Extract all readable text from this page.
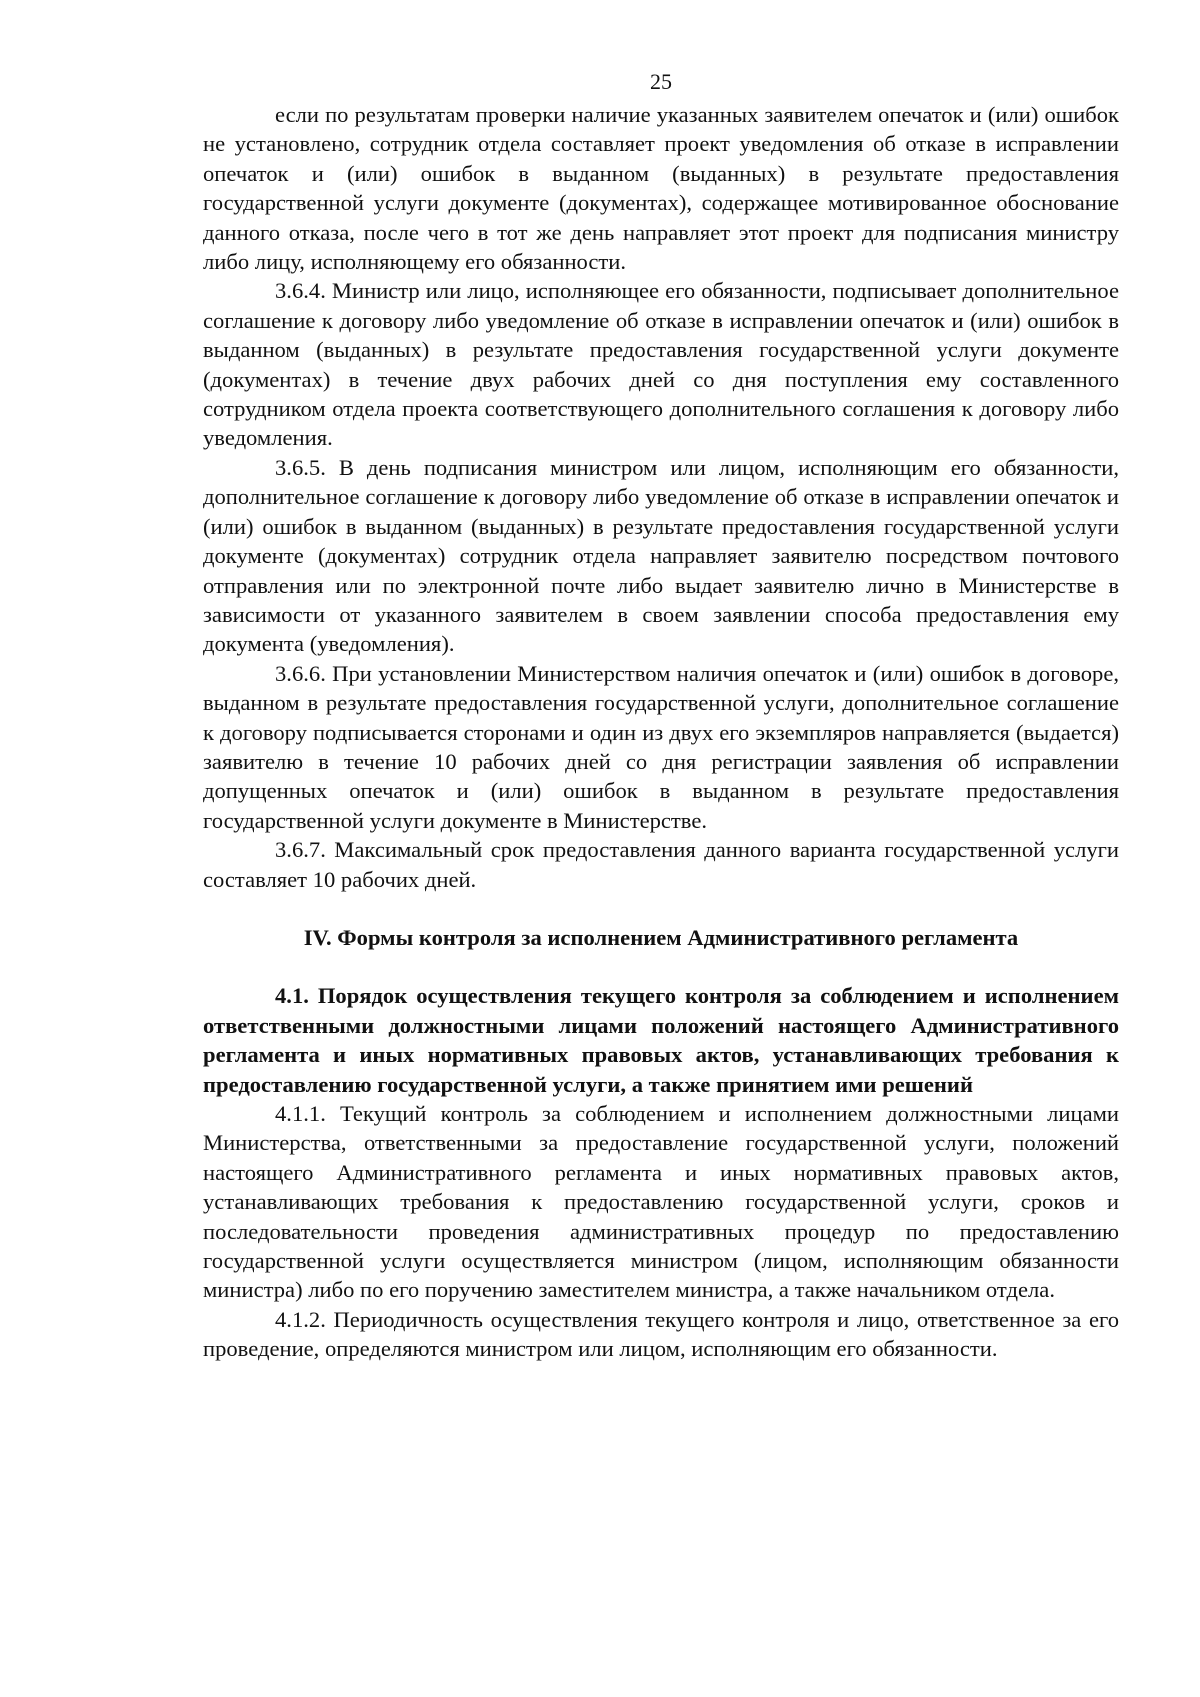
25

если по результатам проверки наличие указанных заявителем опечаток и (или) ошибок не установлено, сотрудник отдела составляет проект уведомления об отказе в исправлении опечаток и (или) ошибок в выданном (выданных) в результате предоставления государственной услуги документе (документах), содержащее мотивированное обоснование данного отказа, после чего в тот же день направляет этот проект для подписания министру либо лицу, исполняющему его обязанности.

3.6.4. Министр или лицо, исполняющее его обязанности, подписывает дополнительное соглашение к договору либо уведомление об отказе в исправлении опечаток и (или) ошибок в выданном (выданных) в результате предоставления государственной услуги документе (документах) в течение двух рабочих дней со дня поступления ему составленного сотрудником отдела проекта соответствующего дополнительного соглашения к договору либо уведомления.

3.6.5. В день подписания министром или лицом, исполняющим его обязанности, дополнительное соглашение к договору либо уведомление об отказе в исправлении опечаток и (или) ошибок в выданном (выданных) в результате предоставления государственной услуги документе (документах) сотрудник отдела направляет заявителю посредством почтового отправления или по электронной почте либо выдает заявителю лично в Министерстве в зависимости от указанного заявителем в своем заявлении способа предоставления ему документа (уведомления).

3.6.6. При установлении Министерством наличия опечаток и (или) ошибок в договоре, выданном в результате предоставления государственной услуги, дополнительное соглашение к договору подписывается сторонами и один из двух его экземпляров направляется (выдается) заявителю в течение 10 рабочих дней со дня регистрации заявления об исправлении допущенных опечаток и (или) ошибок в выданном в результате предоставления государственной услуги документе в Министерстве.

3.6.7. Максимальный срок предоставления данного варианта государственной услуги составляет 10 рабочих дней.

IV. Формы контроля за исполнением Административного регламента

4.1. Порядок осуществления текущего контроля за соблюдением и исполнением ответственными должностными лицами положений настоящего Административного регламента и иных нормативных правовых актов, устанавливающих требования к предоставлению государственной услуги, а также принятием ими решений

4.1.1. Текущий контроль за соблюдением и исполнением должностными лицами Министерства, ответственными за предоставление государственной услуги, положений настоящего Административного регламента и иных нормативных правовых актов, устанавливающих требования к предоставлению государственной услуги, сроков и последовательности проведения административных процедур по предоставлению государственной услуги осуществляется министром (лицом, исполняющим обязанности министра) либо по его поручению заместителем министра, а также начальником отдела.

4.1.2. Периодичность осуществления текущего контроля и лицо, ответственное за его проведение, определяются министром или лицом, исполняющим его обязанности.
